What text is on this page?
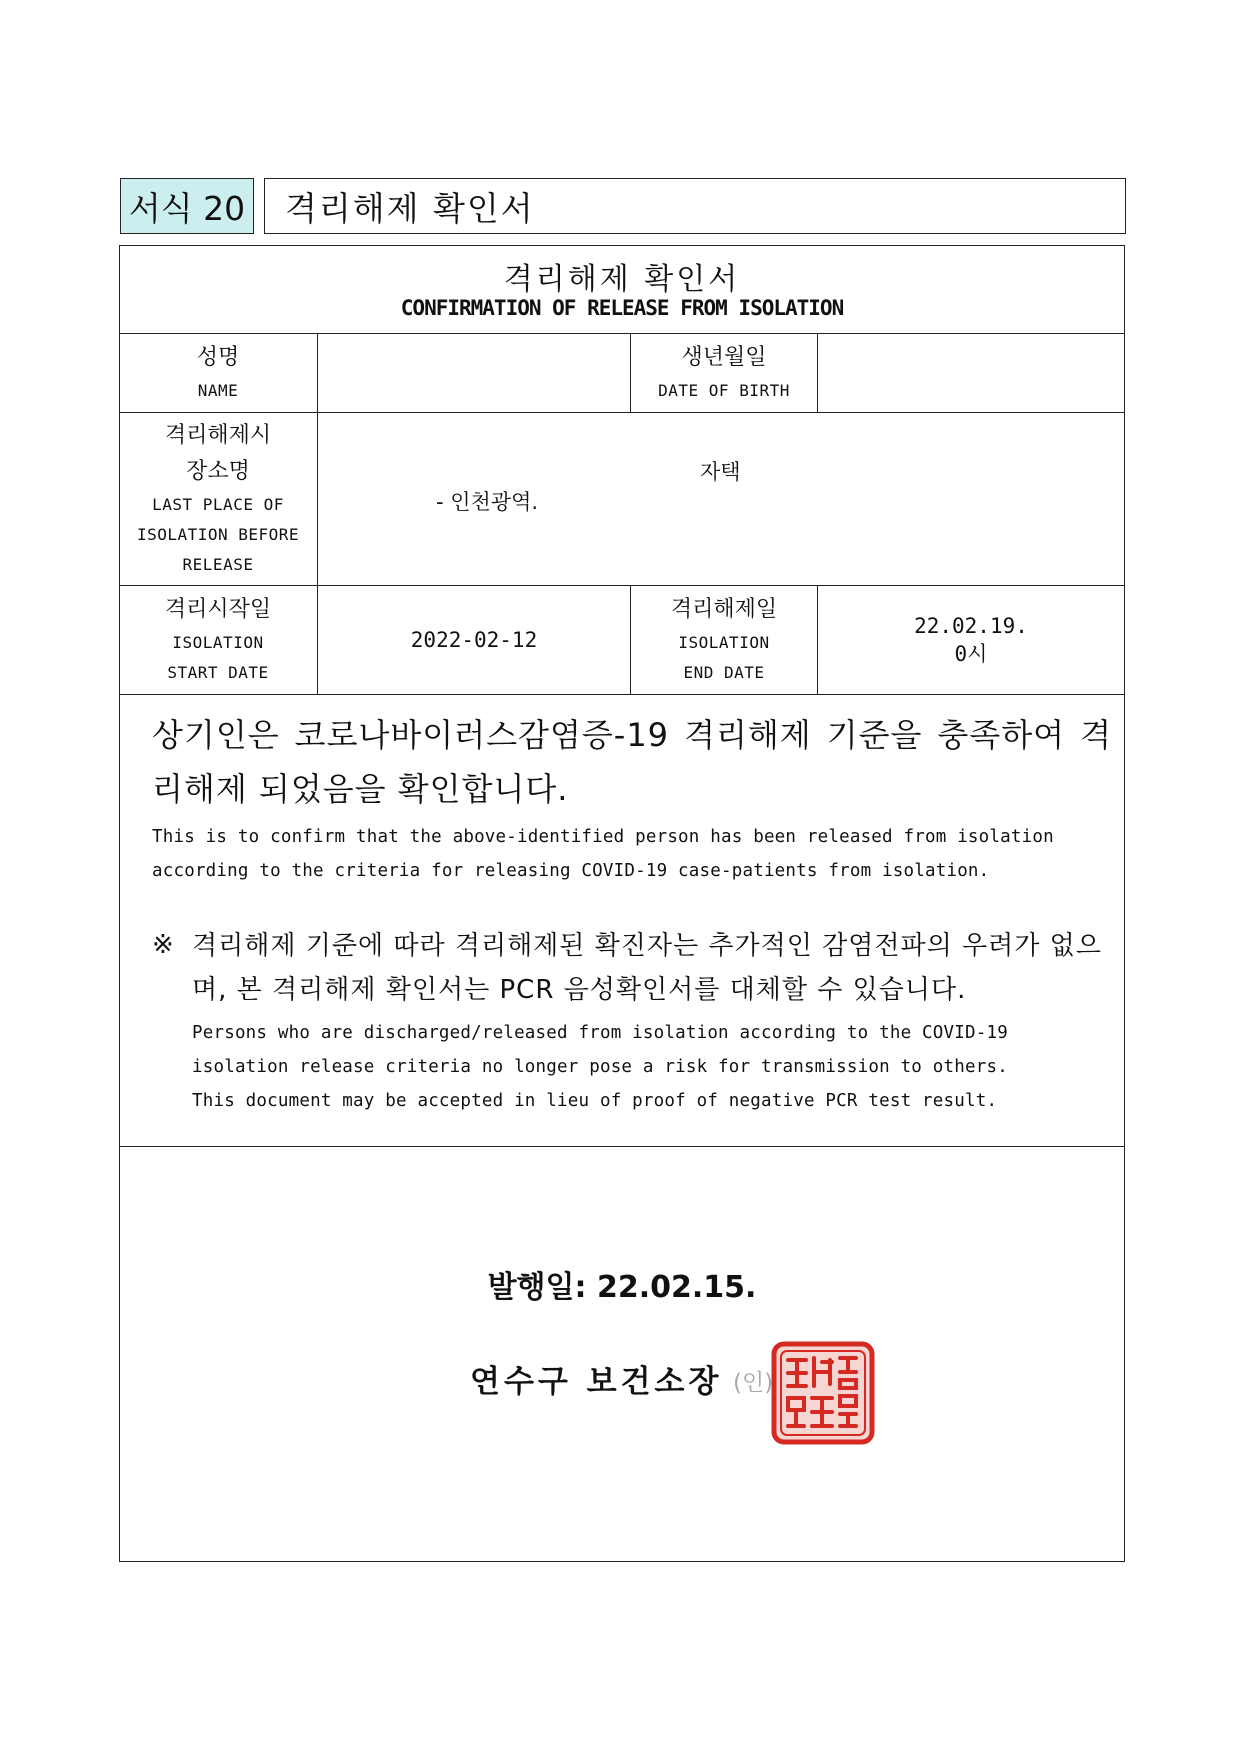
서식 20 격리해제 확인서
격리해제 확인서
CONFIRMATION OF RELEASE FROM ISOLATION
성명
NAME
생년월일
DATE OF BIRTH
격리해제시
장소명
LAST PLACE OF
ISOLATION BEFORE
RELEASE
자택
- 인천광역.
격리시작일
ISOLATION
START DATE
2022-02-12
격리해제일
ISOLATION
END DATE
22.02.19.
0시
상기인은 코로나바이러스감염증-19 격리해제 기준을 충족하여 격리해제 되었음을 확인합니다.
This is to confirm that the above-identified person has been released from isolation according to the criteria for releasing COVID-19 case-patients from isolation.
※ 격리해제 기준에 따라 격리해제된 확진자는 추가적인 감염전파의 우려가 없으며, 본 격리해제 확인서는 PCR 음성확인서를 대체할 수 있습니다.
Persons who are discharged/released from isolation according to the COVID-19 isolation release criteria no longer pose a risk for transmission to others.
This document may be accepted in lieu of proof of negative PCR test result.
발행일: 22.02.15.
연수구 보건소장 (인)
